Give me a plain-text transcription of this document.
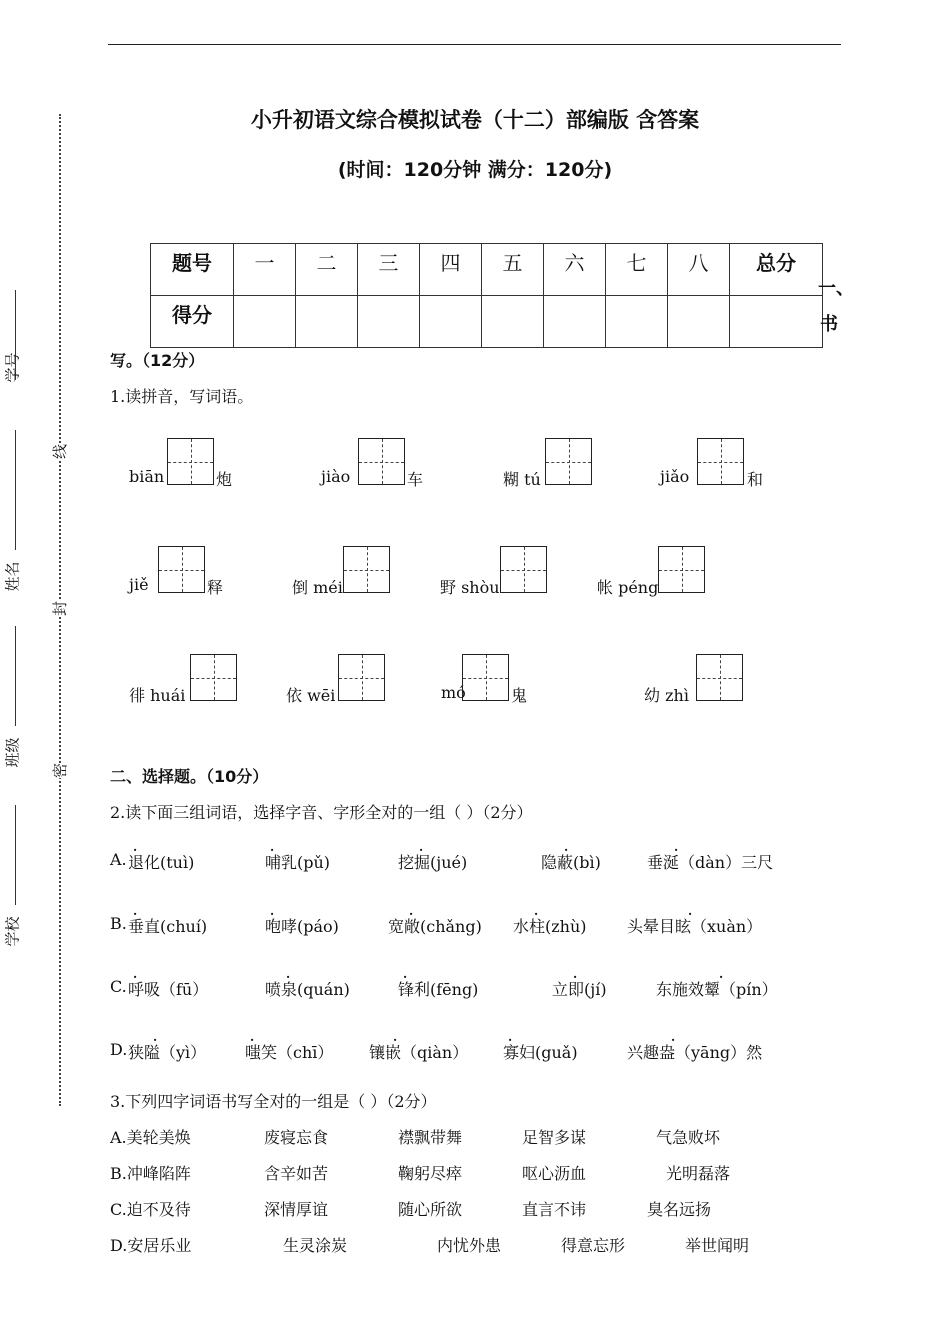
学号
姓名
班级
学校
线
封
密
小升初语文综合模拟试卷（十二）部编版 含答案
(时间：120分钟 满分：120分)
题号	一	二	三	四	五	六	七	八	总分
得分									
一、
书
写。（12分）
1.读拼音，写词语。
biān	炮	jiào	车	糊 tú	jiǎo	和
jiě	释	倒 méi	野 shòu	帐 péng
徘 huái	依 wēi	mó	鬼	幼 zhì
二、选择题。（10分）
2.读下面三组词语，选择字音、字形全对的一组（ ）（2分）
A. 退化(tuì)	哺乳(pǔ)	挖掘(jué)	隐蔽(bì)	垂涎（dàn）三尺
B. 垂直(chuí)	咆哮(páo)	宽敞(chǎng) 水柱(zhù)	头晕目眩（xuàn）
C. 呼吸（fū）	喷泉(quán)	锋利(fēng)	立即(jí)	东施效颦（pín）
D. 狭隘（yì） 嗤笑（chī） 镶嵌（qiàn） 寡妇(guǎ)	兴趣盎（yāng）然
·	·	·	·	·
·	·	·	·	·
·	·	·	·	·
·	·	·	·	·
3.下列四字词语书写全对的一组是（ ）（2分）
A.美轮美焕	废寝忘食	襟飘带舞	足智多谋	气急败坏
B.冲峰陷阵	含辛如苦	鞠躬尽瘁	呕心沥血	光明磊落
C.迫不及待	深情厚谊	随心所欲	直言不讳	臭名远扬
D.安居乐业	生灵涂炭	内忧外患	得意忘形	举世闻明
